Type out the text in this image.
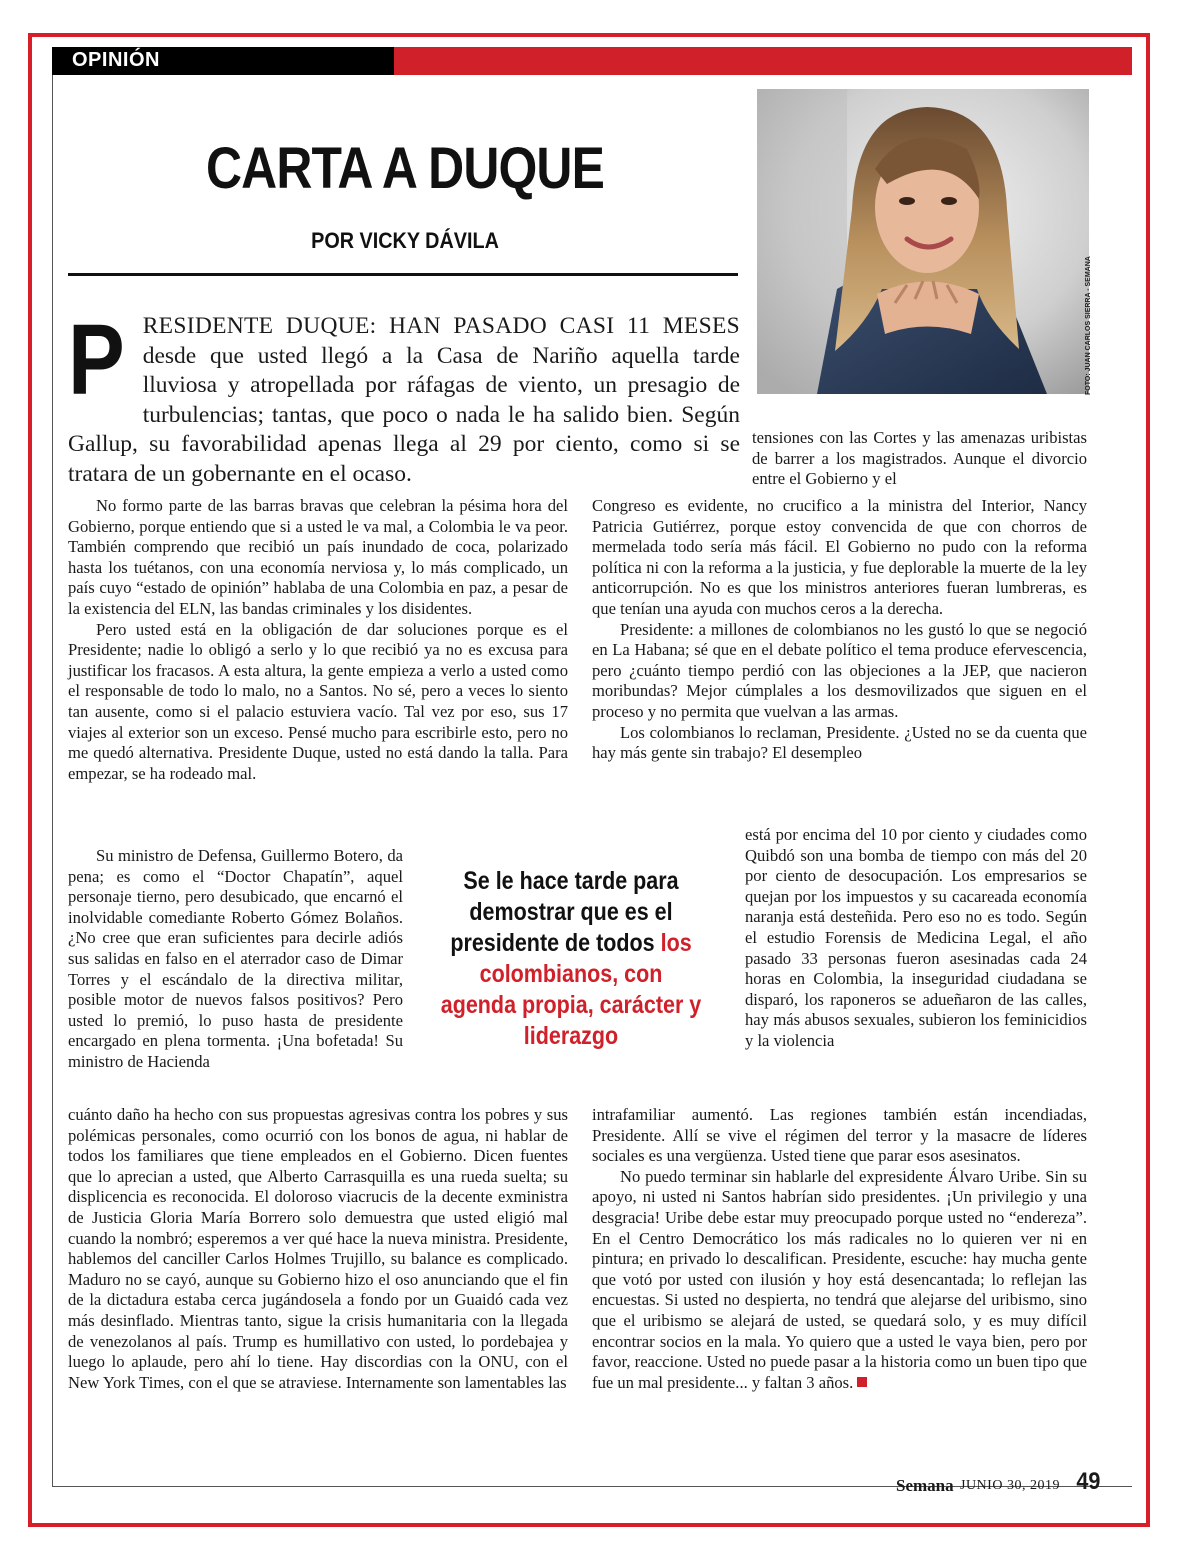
OPINIÓN
CARTA A DUQUE
POR VICKY DÁVILA
FOTO: JUAN CARLOS SIERRA - SEMANA

PRESIDENTE DUQUE: HAN PASADO CASI 11 MESES desde que usted llegó a la Casa de Nariño aquella tarde lluviosa y atropellada por ráfagas de viento, un presagio de turbulencias; tantas, que poco o nada le ha salido bien. Según Gallup, su favorabilidad apenas llega al 29 por ciento, como si se tratara de un gobernante en el ocaso.

No formo parte de las barras bravas que celebran la pésima hora del Gobierno, porque entiendo que si a usted le va mal, a Colombia le va peor. También comprendo que recibió un país inundado de coca, polarizado hasta los tuétanos, con una economía nerviosa y, lo más complicado, un país cuyo “estado de opinión” hablaba de una Colombia en paz, a pesar de la existencia del ELN, las bandas criminales y los disidentes.

Pero usted está en la obligación de dar soluciones porque es el Presidente; nadie lo obligó a serlo y lo que recibió ya no es excusa para justificar los fracasos. A esta altura, la gente empieza a verlo a usted como el responsable de todo lo malo, no a Santos. No sé, pero a veces lo siento tan ausente, como si el palacio estuviera vacío. Tal vez por eso, sus 17 viajes al exterior son un exceso. Pensé mucho para escribirle esto, pero no me quedó alternativa. Presidente Duque, usted no está dando la talla. Para empezar, se ha rodeado mal.

Su ministro de Defensa, Guillermo Botero, da pena; es como el “Doctor Chapatín”, aquel personaje tierno, pero desubicado, que encarnó el inolvidable comediante Roberto Gómez Bolaños. ¿No cree que eran suficientes para decirle adiós sus salidas en falso en el aterrador caso de Dimar Torres y el escándalo de la directiva militar, posible motor de nuevos falsos positivos? Pero usted lo premió, lo puso hasta de presidente encargado en plena tormenta. ¡Una bofetada! Su ministro de Hacienda

Se le hace tarde para demostrar que es el presidente de todos los colombianos, con agenda propia, carácter y liderazgo

cuánto daño ha hecho con sus propuestas agresivas contra los pobres y sus polémicas personales, como ocurrió con los bonos de agua, ni hablar de todos los familiares que tiene empleados en el Gobierno. Dicen fuentes que lo aprecian a usted, que Alberto Carrasquilla es una rueda suelta; su displicencia es reconocida. El doloroso viacrucis de la decente exministra de Justicia Gloria María Borrero solo demuestra que usted eligió mal cuando la nombró; esperemos a ver qué hace la nueva ministra. Presidente, hablemos del canciller Carlos Holmes Trujillo, su balance es complicado. Maduro no se cayó, aunque su Gobierno hizo el oso anunciando que el fin de la dictadura estaba cerca jugándosela a fondo por un Guaidó cada vez más desinflado. Mientras tanto, sigue la crisis humanitaria con la llegada de venezolanos al país. Trump es humillativo con usted, lo pordebajea y luego lo aplaude, pero ahí lo tiene. Hay discordias con la ONU, con el New York Times, con el que se atraviese. Internamente son lamentables las

tensiones con las Cortes y las amenazas uribistas de barrer a los magistrados. Aunque el divorcio entre el Gobierno y el

Congreso es evidente, no crucifico a la ministra del Interior, Nancy Patricia Gutiérrez, porque estoy convencida de que con chorros de mermelada todo sería más fácil. El Gobierno no pudo con la reforma política ni con la reforma a la justicia, y fue deplorable la muerte de la ley anticorrupción. No es que los ministros anteriores fueran lumbreras, es que tenían una ayuda con muchos ceros a la derecha.

Presidente: a millones de colombianos no les gustó lo que se negoció en La Habana; sé que en el debate político el tema produce efervescencia, pero ¿cuánto tiempo perdió con las objeciones a la JEP, que nacieron moribundas? Mejor cúmplales a los desmovilizados que siguen en el proceso y no permita que vuelvan a las armas.

Los colombianos lo reclaman, Presidente. ¿Usted no se da cuenta que hay más gente sin trabajo? El desempleo

está por encima del 10 por ciento y ciudades como Quibdó son una bomba de tiempo con más del 20 por ciento de desocupación. Los empresarios se quejan por los impuestos y su cacareada economía naranja está desteñida. Pero eso no es todo. Según el estudio Forensis de Medicina Legal, el año pasado 33 personas fueron asesinadas cada 24 horas en Colombia, la inseguridad ciudadana se disparó, los raponeros se adueñaron de las calles, hay más abusos sexuales, subieron los feminicidios y la violencia

intrafamiliar aumentó. Las regiones también están incendiadas, Presidente. Allí se vive el régimen del terror y la masacre de líderes sociales es una vergüenza. Usted tiene que parar esos asesinatos.

No puedo terminar sin hablarle del expresidente Álvaro Uribe. Sin su apoyo, ni usted ni Santos habrían sido presidentes. ¡Un privilegio y una desgracia! Uribe debe estar muy preocupado porque usted no “endereza”. En el Centro Democrático los más radicales no lo quieren ver ni en pintura; en privado lo descalifican. Presidente, escuche: hay mucha gente que votó por usted con ilusión y hoy está desencantada; lo reflejan las encuestas. Si usted no despierta, no tendrá que alejarse del uribismo, sino que el uribismo se alejará de usted, se quedará solo, y es muy difícil encontrar socios en la mala. Yo quiero que a usted le vaya bien, pero por favor, reaccione. Usted no puede pasar a la historia como un buen tipo que fue un mal presidente... y faltan 3 años.

Semana JUNIO 30, 2019 49
